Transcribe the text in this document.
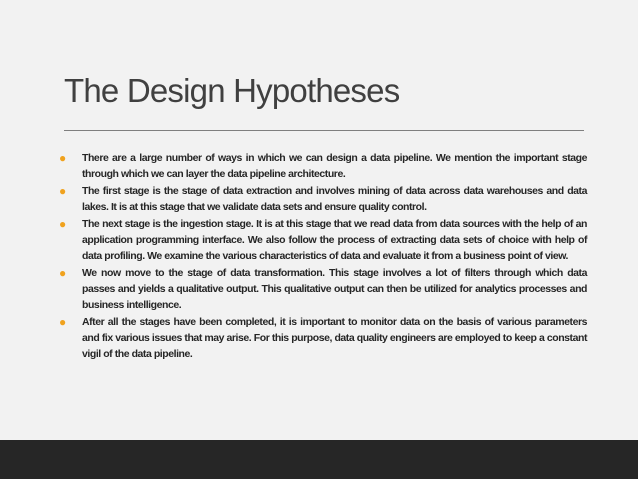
The Design Hypotheses
●	There are a large number of ways in which we can design a data pipeline. We mention the important stage through which we can layer the data pipeline architecture.
●	The first stage is the stage of data extraction and involves mining of data across data warehouses and data lakes. It is at this stage that we validate data sets and ensure quality control.
●	The next stage is the ingestion stage. It is at this stage that we read data from data sources with the help of an application programming interface. We also follow the process of extracting data sets of choice with help of data profiling. We examine the various characteristics of data and evaluate it from a business point of view.
●	We now move to the stage of data transformation. This stage involves a lot of filters through which data passes and yields a qualitative output. This qualitative output can then be utilized for analytics processes and business intelligence.
●	After all the stages have been completed, it is important to monitor data on the basis of various parameters and fix various issues that may arise. For this purpose, data quality engineers are employed to keep a constant vigil of the data pipeline.
